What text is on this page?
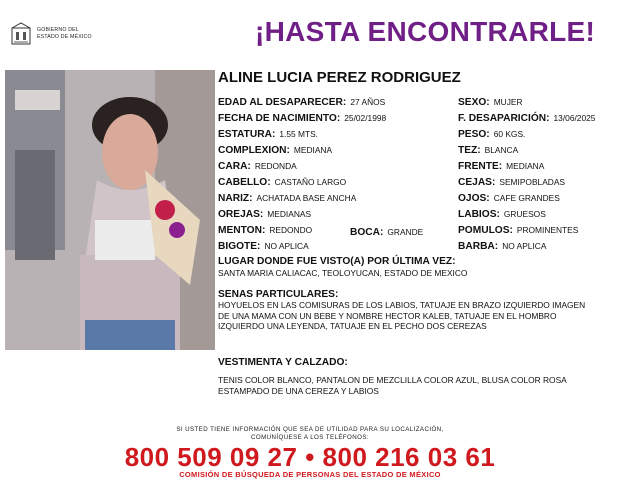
GOBIERNO DEL
ESTADO DE MÉXICO	¡HASTA ENCONTRARLE!
ALINE LUCIA PEREZ RODRIGUEZ
EDAD AL DESAPARECER: 27 AÑOS
FECHA DE NACIMIENTO: 25/02/1998
ESTATURA: 1.55 MTS.
COMPLEXION: MEDIANA
CARA: REDONDA
CABELLO: CASTAÑO LARGO
NARIZ: ACHATADA BASE ANCHA
OREJAS: MEDIANAS
MENTON: REDONDO	BOCA: GRANDE
BIGOTE: NO APLICA
SEXO: MUJER
F. DESAPARICIÓN: 13/06/2025
PESO: 60 KGS.
TEZ: BLANCA
FRENTE: MEDIANA
CEJAS: SEMIPOBLADAS
OJOS: CAFE GRANDES
LABIOS: GRUESOS
POMULOS: PROMINENTES
BARBA: NO APLICA
LUGAR DONDE FUE VISTO(A) POR ÚLTIMA VEZ:
SANTA MARIA CALIACAC, TEOLOYUCAN, ESTADO DE MEXICO
SENAS PARTICULARES:
HOYUELOS EN LAS COMISURAS DE LOS LABIOS, TATUAJE EN BRAZO IZQUIERDO IMAGEN DE UNA MAMA CON UN BEBE Y NOMBRE HECTOR KALEB, TATUAJE EN EL HOMBRO IZQUIERDO UNA LEYENDA, TATUAJE EN EL PECHO DOS CEREZAS
VESTIMENTA Y CALZADO:
TENIS COLOR BLANCO, PANTALON DE MEZCLILLA COLOR AZUL, BLUSA COLOR ROSA ESTAMPADO DE UNA CEREZA Y LABIOS
SI USTED TIENE INFORMACIÓN QUE SEA DE UTILIDAD PARA SU LOCALIZACIÓN,
COMUNÍQUESE A LOS TELÉFONOS:
800 509 09 27 • 800 216 03 61
COMISIÓN DE BÚSQUEDA DE PERSONAS DEL ESTADO DE MÉXICO
